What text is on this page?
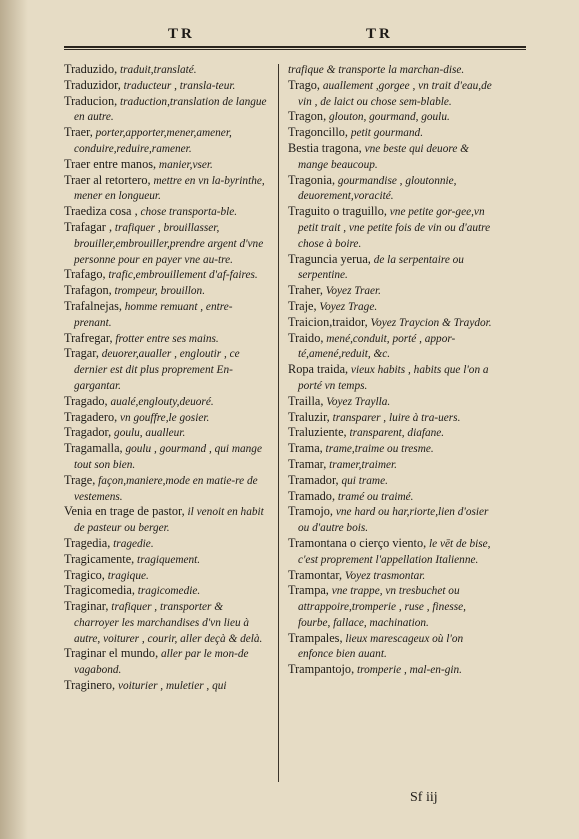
TR	TR

Traduzido, traduit,translaté.

Traduzidor, traducteur , transla-teur.

Traducion, traduction,translation de langue en autre.

Traer, porter,apporter,mener,amener, conduire,reduire,ramener.

Traer entre manos, manier,vser.

Traer al retortero, mettre en vn la-byrinthe, mener en longueur.

Traediza cosa , chose transporta-ble.

Trafagar , trafiquer , brouillasser, brouiller,embrouiller,prendre argent d'vne personne pour en payer vne au-tre.

Trafago, trafic,embrouillement d'af-faires.

Trafagon, trompeur, brouillon.

Trafalnejas, homme remuant , entre-prenant.

Trafregar, frotter entre ses mains.

Tragar, deuorer,aualler , engloutir , ce dernier est dit plus proprement En-gargantar.

Tragado, aualé,englouty,deuoré.

Tragadero, vn gouffre,le gosier.

Tragador, goulu, aualleur.

Tragamalla, goulu , gourmand , qui mange tout son bien.

Trage, façon,maniere,mode en matie-re de vestemens.

Venia en trage de pastor, il venoit en habit de pasteur ou berger.

Tragedia, tragedie.

Tragicamente, tragiquement.

Tragico, tragique.

Tragicomedia, tragicomedie.

Traginar, trafiquer , transporter & charroyer les marchandises d'vn lieu à autre, voiturer , courir, aller deçà & delà.

Traginar el mundo, aller par le mon-de vagabond.

Traginero, voiturier , muletier , qui

trafique & transporte la marchan-dise.

Trago, auallement ,gorgee , vn trait d'eau,de vin , de laict ou chose sem-blable.

Tragon, glouton, gourmand, goulu.

Tragoncillo, petit gourmand.

Bestia tragona, vne beste qui deuore & mange beaucoup.

Tragonia, gourmandise , gloutonnie, deuorement,voracité.

Traguito o traguillo, vne petite gor-gee,vn petit trait , vne petite fois de vin ou d'autre chose à boire.

Traguncia yerua, de la serpentaire ou serpentine.

Traher, Voyez Traer.

Traje, Voyez Trage.

Traicion,traidor, Voyez Traycion & Traydor.

Traido, mené,conduit, porté , appor-té,amené,reduit, &c.

Ropa traida, vieux habits , habits que l'on a porté vn temps.

Trailla, Voyez Traylla.

Traluzir, transparer , luire à tra-uers.

Traluziente, transparent, diafane.

Trama, trame,traime ou tresme.

Tramar, tramer,traimer.

Tramador, qui trame.

Tramado, tramé ou traimé.

Tramojo, vne hard ou har,riorte,lien d'osier ou d'autre bois.

Tramontana o cierço viento, le vēt de bise, c'est proprement l'appellation Italienne.

Tramontar, Voyez trasmontar.

Trampa, vne trappe, vn tresbuchet ou attrappoire,tromperie , ruse , finesse, fourbe, fallace, machination.

Trampales, lieux marescageux où l'on enfonce bien auant.

Trampantojo, tromperie , mal-en-gin.

Sf iij
